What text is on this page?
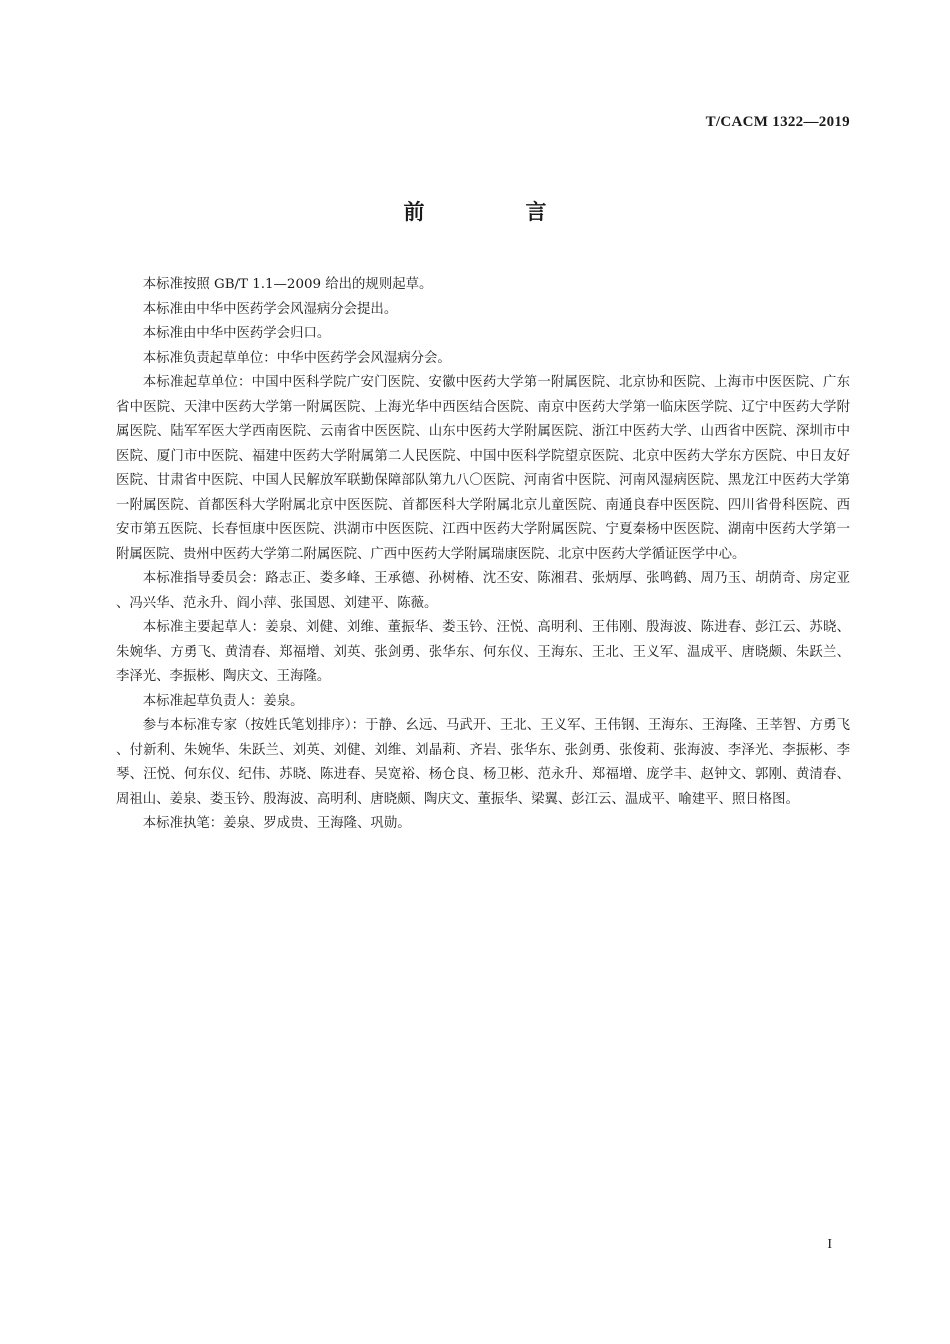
T/CACM 1322—2019
前　言

本标准按照 GB/T 1.1—2009 给出的规则起草。

本标准由中华中医药学会风湿病分会提出。

本标准由中华中医药学会归口。

本标准负责起草单位：中华中医药学会风湿病分会。

本标准起草单位：中国中医科学院广安门医院、安徽中医药大学第一附属医院、北京协和医院、上海市中医医院、广东省中医院、天津中医药大学第一附属医院、上海光华中西医结合医院、南京中医药大学第一临床医学院、辽宁中医药大学附属医院、陆军军医大学西南医院、云南省中医医院、山东中医药大学附属医院、浙江中医药大学、山西省中医院、深圳市中医院、厦门市中医院、福建中医药大学附属第二人民医院、中国中医科学院望京医院、北京中医药大学东方医院、中日友好医院、甘肃省中医院、中国人民解放军联勤保障部队第九八〇医院、河南省中医院、河南风湿病医院、黑龙江中医药大学第一附属医院、首都医科大学附属北京中医医院、首都医科大学附属北京儿童医院、南通良春中医医院、四川省骨科医院、西安市第五医院、长春恒康中医医院、洪湖市中医医院、江西中医药大学附属医院、宁夏秦杨中医医院、湖南中医药大学第一附属医院、贵州中医药大学第二附属医院、广西中医药大学附属瑞康医院、北京中医药大学循证医学中心。

本标准指导委员会：路志正、娄多峰、王承德、孙树椿、沈丕安、陈湘君、张炳厚、张鸣鹤、周乃玉、胡荫奇、房定亚、冯兴华、范永升、阎小萍、张国恩、刘建平、陈薇。

本标准主要起草人：姜泉、刘健、刘维、董振华、娄玉钤、汪悦、高明利、王伟刚、殷海波、陈进春、彭江云、苏晓、朱婉华、方勇飞、黄清春、郑福增、刘英、张剑勇、张华东、何东仪、王海东、王北、王义军、温成平、唐晓颇、朱跃兰、李泽光、李振彬、陶庆文、王海隆。

本标准起草负责人：姜泉。

参与本标准专家（按姓氏笔划排序）：于静、幺远、马武开、王北、王义军、王伟钢、王海东、王海隆、王莘智、方勇飞、付新利、朱婉华、朱跃兰、刘英、刘健、刘维、刘晶莉、齐岩、张华东、张剑勇、张俊莉、张海波、李泽光、李振彬、李琴、汪悦、何东仪、纪伟、苏晓、陈进春、吴宽裕、杨仓良、杨卫彬、范永升、郑福增、庞学丰、赵钟文、郭刚、黄清春、周祖山、姜泉、娄玉钤、殷海波、高明利、唐晓颇、陶庆文、董振华、梁翼、彭江云、温成平、喻建平、照日格图。

本标准执笔：姜泉、罗成贵、王海隆、巩勋。

I
